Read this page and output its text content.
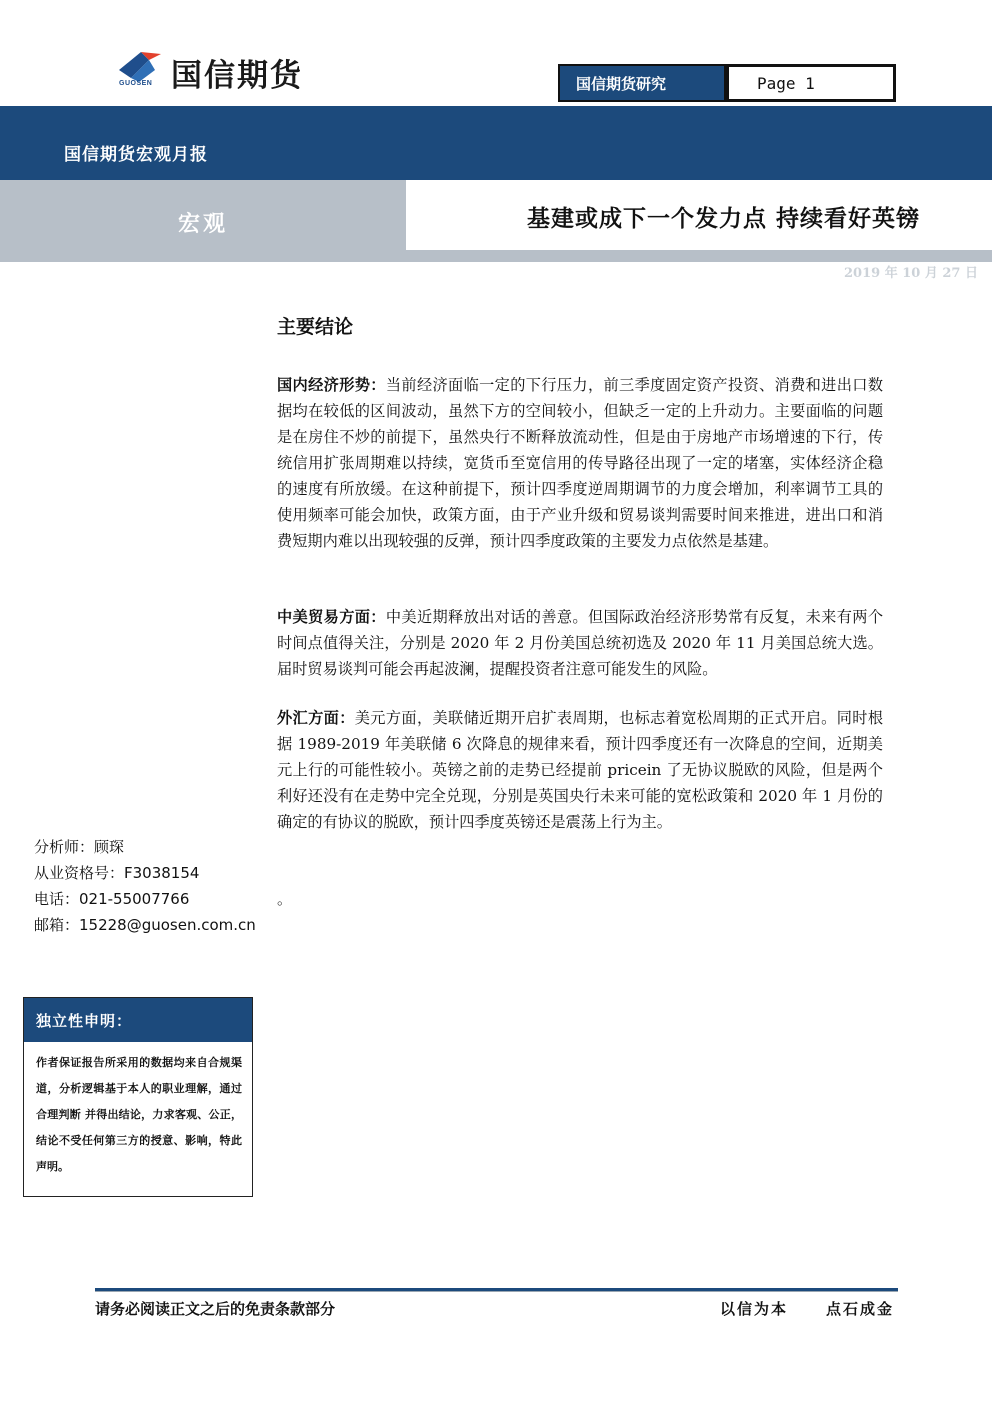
GUOSEN 国信期货	国信期货研究	Page 1
国信期货宏观月报
宏观	基建或成下一个发力点 持续看好英镑
2019 年 10 月 27 日
主要结论
国内经济形势：当前经济面临一定的下行压力，前三季度固定资产投资、消费和进出口数据均在较低的区间波动，虽然下方的空间较小，但缺乏一定的上升动力。主要面临的问题是在房住不炒的前提下，虽然央行不断释放流动性，但是由于房地产市场增速的下行，传统信用扩张周期难以持续，宽货币至宽信用的传导路径出现了一定的堵塞，实体经济企稳的速度有所放缓。在这种前提下，预计四季度逆周期调节的力度会增加，利率调节工具的使用频率可能会加快，政策方面，由于产业升级和贸易谈判需要时间来推进，进出口和消费短期内难以出现较强的反弹，预计四季度政策的主要发力点依然是基建。
中美贸易方面：中美近期释放出对话的善意。但国际政治经济形势常有反复，未来有两个时间点值得关注，分别是 2020 年 2 月份美国总统初选及 2020 年 11 月美国总统大选。届时贸易谈判可能会再起波澜，提醒投资者注意可能发生的风险。
外汇方面：美元方面，美联储近期开启扩表周期，也标志着宽松周期的正式开启。同时根据 1989-2019 年美联储 6 次降息的规律来看，预计四季度还有一次降息的空间，近期美元上行的可能性较小。英镑之前的走势已经提前 pricein 了无协议脱欧的风险，但是两个利好还没有在走势中完全兑现，分别是英国央行未来可能的宽松政策和 2020 年 1 月份的确定的有协议的脱欧，预计四季度英镑还是震荡上行为主。
。
分析师：顾琛
从业资格号：F3038154
电话：021-55007766
邮箱：15228@guosen.com.cn
独立性申明：
作者保证报告所采用的数据均来自合规渠道，分析逻辑基于本人的职业理解，通过合理判断 并得出结论，力求客观、公正，结论不受任何第三方的授意、影响，特此声明。
请务必阅读正文之后的免责条款部分	以信为本	点石成金
